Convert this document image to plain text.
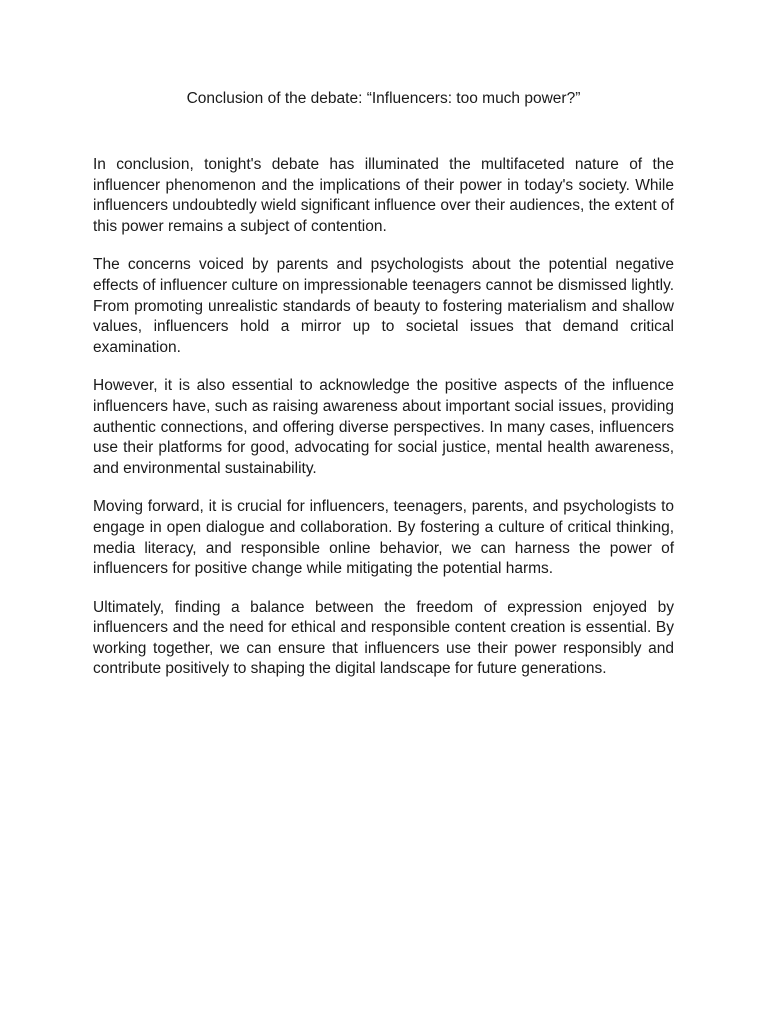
Conclusion of the debate: “Influencers: too much power?”

In conclusion, tonight's debate has illuminated the multifaceted nature of the influencer phenomenon and the implications of their power in today's society. While influencers undoubtedly wield significant influence over their audiences, the extent of this power remains a subject of contention.

The concerns voiced by parents and psychologists about the potential negative effects of influencer culture on impressionable teenagers cannot be dismissed lightly. From promoting unrealistic standards of beauty to fostering materialism and shallow values, influencers hold a mirror up to societal issues that demand critical examination.

However, it is also essential to acknowledge the positive aspects of the influence influencers have, such as raising awareness about important social issues, providing authentic connections, and offering diverse perspectives. In many cases, influencers use their platforms for good, advocating for social justice, mental health awareness, and environmental sustainability.

Moving forward, it is crucial for influencers, teenagers, parents, and psychologists to engage in open dialogue and collaboration. By fostering a culture of critical thinking, media literacy, and responsible online behavior, we can harness the power of influencers for positive change while mitigating the potential harms.

Ultimately, finding a balance between the freedom of expression enjoyed by influencers and the need for ethical and responsible content creation is essential. By working together, we can ensure that influencers use their power responsibly and contribute positively to shaping the digital landscape for future generations.
